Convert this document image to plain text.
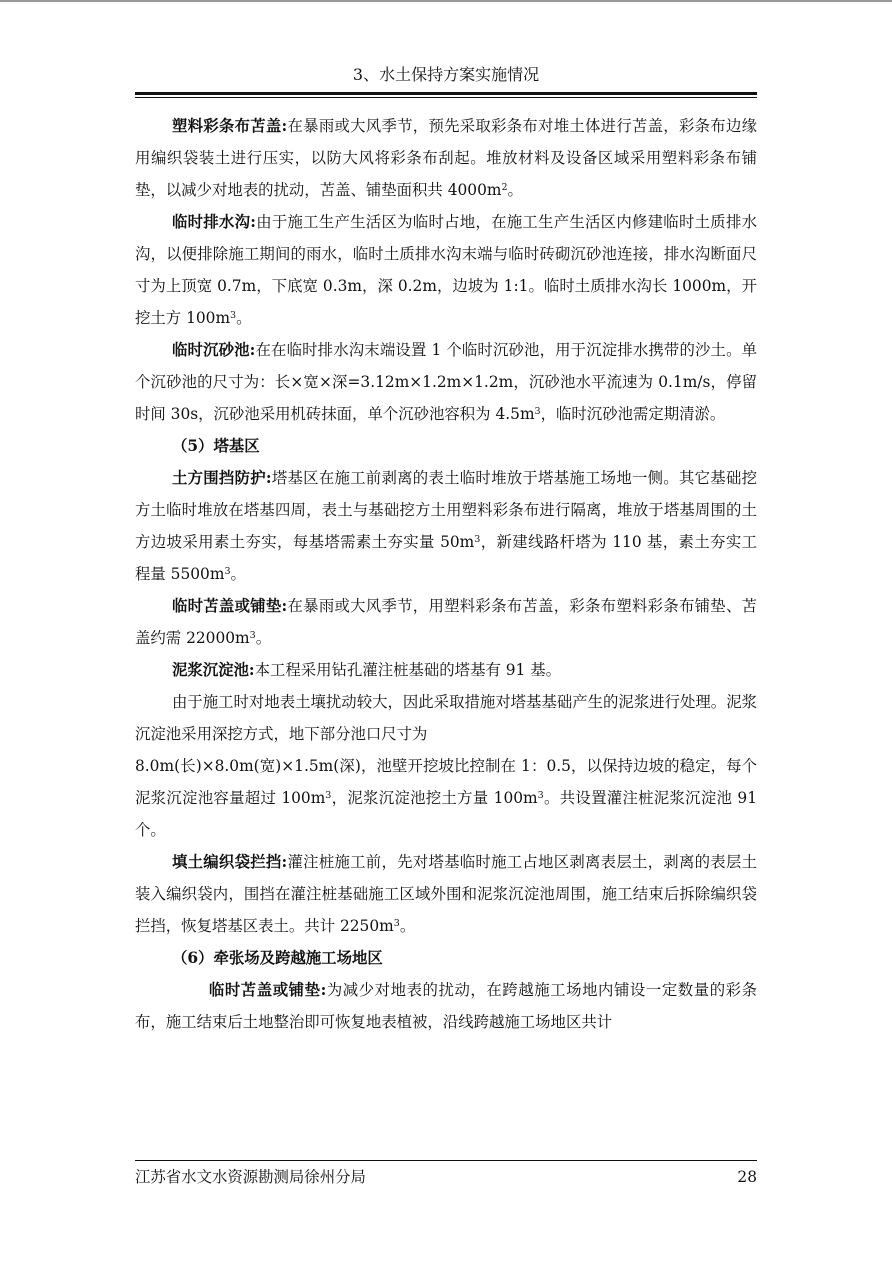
3、水土保持方案实施情况

塑料彩条布苫盖:在暴雨或大风季节，预先采取彩条布对堆土体进行苫盖，彩条布边缘用编织袋装土进行压实，以防大风将彩条布刮起。堆放材料及设备区域采用塑料彩条布铺垫，以减少对地表的扰动，苫盖、铺垫面积共 $4000m^2$。

临时排水沟:由于施工生产生活区为临时占地，在施工生产生活区内修建临时土质排水沟，以便排除施工期间的雨水，临时土质排水沟末端与临时砖砌沉砂池连接，排水沟断面尺寸为上顶宽 0.7m，下底宽 0.3m，深 0.2m，边坡为 1:1。临时土质排水沟长 1000m，开挖土方 $100m^3$。

临时沉砂池:在在临时排水沟末端设置 1 个临时沉砂池，用于沉淀排水携带的沙土。单个沉砂池的尺寸为：长×宽×深=3.12m×1.2m×1.2m，沉砂池水平流速为 0.1m/s，停留时间 30s，沉砂池采用机砖抹面，单个沉砂池容积为 $4.5m^3$，临时沉砂池需定期清淤。

（5）塔基区

土方围挡防护:塔基区在施工前剥离的表土临时堆放于塔基施工场地一侧。其它基础挖方土临时堆放在塔基四周，表土与基础挖方土用塑料彩条布进行隔离，堆放于塔基周围的土方边坡采用素土夯实，每基塔需素土夯实量 $50m^3$，新建线路杆塔为 110 基，素土夯实工程量 $5500m^3$。

临时苫盖或铺垫:在暴雨或大风季节，用塑料彩条布苫盖，彩条布塑料彩条布铺垫、苫盖约需 $22000m^3$。

泥浆沉淀池:本工程采用钻孔灌注桩基础的塔基有 91 基。

由于施工时对地表土壤扰动较大，因此采取措施对塔基基础产生的泥浆进行处理。泥浆沉淀池采用深挖方式，地下部分池口尺寸为

8.0m(长)×8.0m(宽)×1.5m(深)，池壁开挖坡比控制在 1：0.5，以保持边坡的稳定，每个泥浆沉淀池容量超过 $100m^3$，泥浆沉淀池挖土方量 $100m^3$。共设置灌注桩泥浆沉淀池 91 个。

填土编织袋拦挡:灌注桩施工前，先对塔基临时施工占地区剥离表层土，剥离的表层土装入编织袋内，围挡在灌注桩基础施工区域外围和泥浆沉淀池周围，施工结束后拆除编织袋拦挡，恢复塔基区表土。共计 $2250m^3$。

（6）牵张场及跨越施工场地区

临时苫盖或铺垫:为减少对地表的扰动，在跨越施工场地内铺设一定数量的彩条布，施工结束后土地整治即可恢复地表植被，沿线跨越施工场地区共计

江苏省水文水资源勘测局徐州分局	28
